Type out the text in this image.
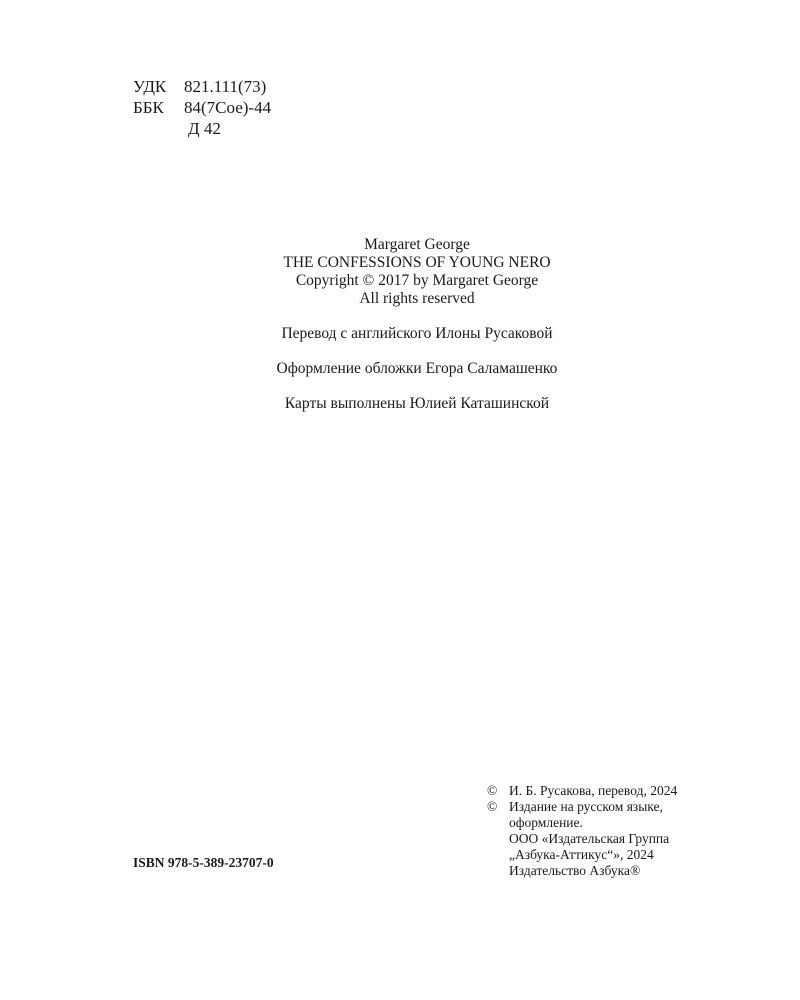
УДК	821.111(73)
ББК	84(7Сое)-44
Д 42
Margaret George
THE CONFESSIONS OF YOUNG NERO
Copyright © 2017 by Margaret George
All rights reserved
Перевод с английского Илоны Русаковой
Оформление обложки Егора Саламашенко
Карты выполнены Юлией Каташинской
© И. Б. Русакова, перевод, 2024
© Издание на русском языке,
оформление.
ООО «Издательская Группа
„Азбука-Аттикус“», 2024
Издательство Азбука®
ISBN 978-5-389-23707-0
